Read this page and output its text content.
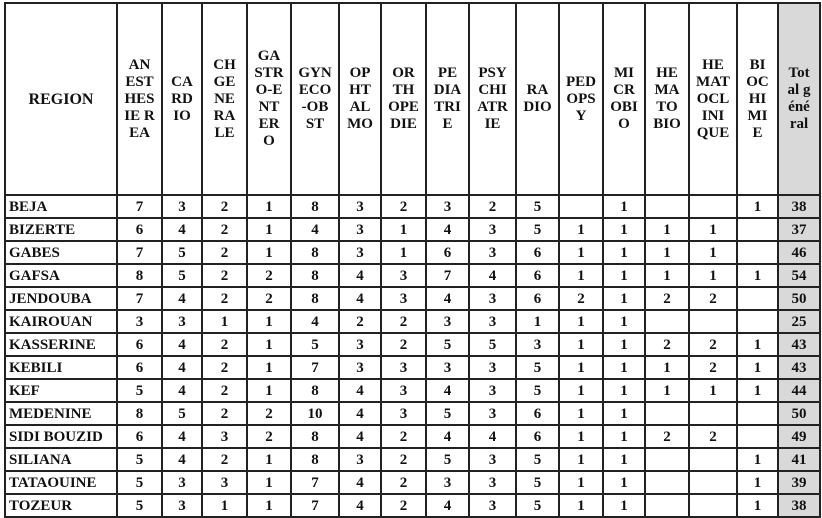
REGION	ANESTHESIE REA	CARDIO	CHGENERALE	GASTRO-ENTERO	GYNECO-OBST	OPHTALMO	ORTHOPEDIE	PEDIATRIE	PSYCHIATRIE	RADIO	PEDOPSY	MICROBIO	HEMATOBIO	HEMATOCLINIQUE	BIOCHIMIE	Total général
BEJA	7	3	2	1	8	3	2	3	2	5		1			1	38
BIZERTE	6	4	2	1	4	3	1	4	3	5	1	1	1	1		37
GABES	7	5	2	1	8	3	1	6	3	6	1	1	1	1		46
GAFSA	8	5	2	2	8	4	3	7	4	6	1	1	1	1	1	54
JENDOUBA	7	4	2	2	8	4	3	4	3	6	2	1	2	2		50
KAIROUAN	3	3	1	1	4	2	2	3	3	1	1	1				25
KASSERINE	6	4	2	1	5	3	2	5	5	3	1	1	2	2	1	43
KEBILI	6	4	2	1	7	3	3	3	3	5	1	1	1	2	1	43
KEF	5	4	2	1	8	4	3	4	3	5	1	1	1	1	1	44
MEDENINE	8	5	2	2	10	4	3	5	3	6	1	1				50
SIDI BOUZID	6	4	3	2	8	4	2	4	4	6	1	1	2	2		49
SILIANA	5	4	2	1	8	3	2	5	3	5	1	1			1	41
TATAOUINE	5	3	3	1	7	4	2	3	3	5	1	1			1	39
TOZEUR	5	3	1	1	7	4	2	4	3	5	1	1			1	38
